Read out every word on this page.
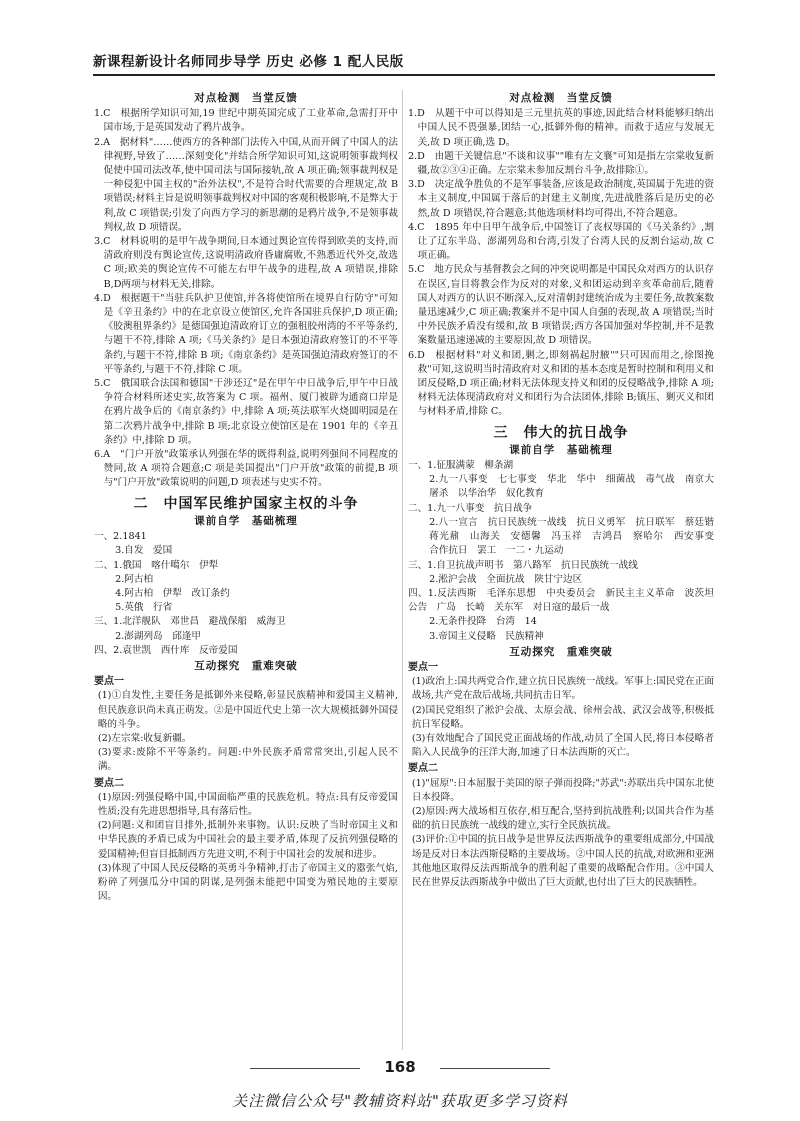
新课程新设计名师同步导学 历史 必修 1 配人民版
对点检测　当堂反馈

1.C　根据所学知识可知,19 世纪中期英国完成了工业革命,急需打开中国市场,于是英国发动了鸦片战争。

2.A　据材料"……使西方的各种部门法传入中国,从而开阔了中国人的法律视野,导致了……深刻变化"并结合所学知识可知,这说明领事裁判权促使中国司法改革,使中国司法与国际接轨,故 A 项正确;领事裁判权是一种侵犯中国主权的"治外法权",不是符合时代需要的合理规定,故 B 项错误;材料主旨是说明领事裁判权对中国的客观积极影响,不是弊大于利,故 C 项错误;引发了向西方学习的新思潮的是鸦片战争,不是领事裁判权,故 D 项错误。

3.C　材料说明的是甲午战争期间,日本通过舆论宣传得到欧美的支持,而清政府则没有舆论宣传,这说明清政府昏庸腐败,不熟悉近代外交,故选 C 项;欧美的舆论宣传不可能左右甲午战争的进程,故 A 项错误,排除B,D两项与材料无关,排除。

4.D　根据题干"当驻兵队护卫使馆,并各将使馆所在境界自行防守"可知是《辛丑条约》中的在北京设立使馆区,允许各国驻兵保护,D 项正确;《胶澳租界条约》是德国强迫清政府订立的强租胶州湾的不平等条约,与题干不符,排除 A 项;《马关条约》是日本强迫清政府签订的不平等条约,与题干不符,排除 B 项;《南京条约》是英国强迫清政府签订的不平等条约,与题干不符,排除 C 项。

5.C　俄国联合法国和德国"干涉还辽"是在甲午中日战争后,甲午中日战争符合材料所述史实,故答案为 C 项。福州、厦门被辟为通商口岸是在鸦片战争后的《南京条约》中,排除 A 项;英法联军火烧圆明园是在第二次鸦片战争中,排除 B 项;北京设立使馆区是在 1901 年的《辛丑条约》中,排除 D 项。

6.A　"门户开放"政策承认列强在华的既得利益,说明列强间不同程度的赞同,故 A 项符合题意;C 项是美国提出"门户开放"政策的前提,B 项与"门户开放"政策说明的问题,D 项表述与史实不符。

二　中国军民维护国家主权的斗争
课前自学　基础梳理

一、2.1841

3.自发　爱国

二、1.俄国　喀什噶尔　伊犁

2.阿古柏

4.阿古柏　伊犁　改订条约

5.英俄　行省

三、1.北洋舰队　邓世昌　避战保船　威海卫

2.澎湖列岛　邱逢甲

四、2.袁世凯　西什库　反帝爱国

互动探究　重难突破
要点一

(1)①自发性,主要任务是抵御外来侵略,彰显民族精神和爱国主义精神,但民族意识尚未真正萌发。②是中国近代史上第一次大规模抵御外国侵略的斗争。

(2)左宗棠:收复新疆。

(3)要求:废除不平等条约。问题:中外民族矛盾常常突出,引起人民不满。

要点二

(1)原因:列强侵略中国,中国面临严重的民族危机。特点:具有反帝爱国性质;没有先进思想指导,具有落后性。

(2)问题:义和团盲目排外,抵制外来事物。认识:反映了当时帝国主义和中华民族的矛盾已成为中国社会的最主要矛盾,体现了反抗列强侵略的爱国精神;但盲目抵制西方先进文明,不利于中国社会的发展和进步。

(3)体现了中国人民反侵略的英勇斗争精神,打击了帝国主义的嚣张气焰,粉碎了列强瓜分中国的阴谋,是列强未能把中国变为殖民地的主要原因。

对点检测　当堂反馈

1.D　从题干中可以得知是三元里抗英的事迹,因此结合材料能够归纳出中国人民不畏强暴,团结一心,抵御外侮的精神。而救于适应与发展无关,故 D 项正确,选 D。

2.D　由题干关键信息"不谈和议事""唯有左文襄"可知是指左宗棠收复新疆,故②③④正确。左宗棠未参加反割台斗争,故排除①。

3.D　决定战争胜负的不是军事装备,应该是政治制度,英国属于先进的资本主义制度,中国属于落后的封建主义制度,先进战胜落后是历史的必然,故 D 项错误,符合题意;其他选项材料均可得出,不符合题意。

4.C　1895 年中日甲午战争后,中国签订了丧权辱国的《马关条约》,割让了辽东半岛、澎湖列岛和台湾,引发了台湾人民的反割台运动,故 C 项正确。

5.C　地方民众与基督教会之间的冲突说明都是中国民众对西方的认识存在误区,盲目将教会作为反对的对象,义和团运动到辛亥革命前后,随着国人对西方的认识不断深入,反对清朝封建统治成为主要任务,故教案数量迅速减少,C 项正确;教案并不是中国人自强的表现,故 A 项错误;当时中外民族矛盾没有缓和,故 B 项错误;西方各国加强对华控制,并不是教案数量迅速递减的主要原因,故 D 项错误。

6.D　根据材料"对义和团,剿之,即刻祸起肘腋""只可因而用之,徐图挽救"可知,这说明当时清政府对义和团的基本态度是暂时控制和利用义和团反侵略,D 项正确;材料无法体现支持义和团的反侵略战争,排除 A 项;材料无法体现清政府对义和团行为合法团体,排除 B;镇压、剿灭义和团与材料矛盾,排除 C。

三　伟大的抗日战争
课前自学　基础梳理

一、1.征服满蒙　柳条湖

2.九一八事变　七七事变　华北　华中　细菌战　毒气战　南京大屠杀　以华治华　奴化教育

二、1.九一八事变　抗日战争

2.八一宣言　抗日民族统一战线　抗日义勇军　抗日联军　蔡廷锴　蒋光鼐　山海关　安德馨　冯玉祥　吉鸿昌　察哈尔　西安事变　合作抗日　罢工　一二・九运动

三、1.自卫抗战声明书　第八路军　抗日民族统一战线

2.淞沪会战　全面抗战　陕甘宁边区

四、1.反法西斯　毛泽东思想　中央委员会　新民主主义革命　波茨坦公告　广岛　长崎　关东军　对日寇的最后一战

2.无条件投降　台湾　14

3.帝国主义侵略　民族精神

互动探究　重难突破
要点一

(1)政治上:国共两党合作,建立抗日民族统一战线。军事上:国民党在正面战场,共产党在敌后战场,共同抗击日军。

(2)国民党组织了淞沪会战、太原会战、徐州会战、武汉会战等,积极抵抗日军侵略。

(3)有效地配合了国民党正面战场的作战,动员了全国人民,将日本侵略者陷入人民战争的汪洋大海,加速了日本法西斯的灭亡。

要点二

(1)"屈原":日本屈服于美国的原子弹而投降;"苏武":苏联出兵中国东北使日本投降。

(2)原因:两大战场相互依存,相互配合,坚持到抗战胜利;以国共合作为基础的抗日民族统一战线的建立,实行全民族抗战。

(3)评价:①中国的抗日战争是世界反法西斯战争的重要组成部分,中国战场是反对日本法西斯侵略的主要战场。②中国人民的抗战,对欧洲和亚洲其他地区取得反法西斯战争的胜利起了重要的战略配合作用。③中国人民在世界反法西斯战争中做出了巨大贡献,也付出了巨大的民族牺牲。

168
关注微信公众号"教辅资料站"获取更多学习资料
